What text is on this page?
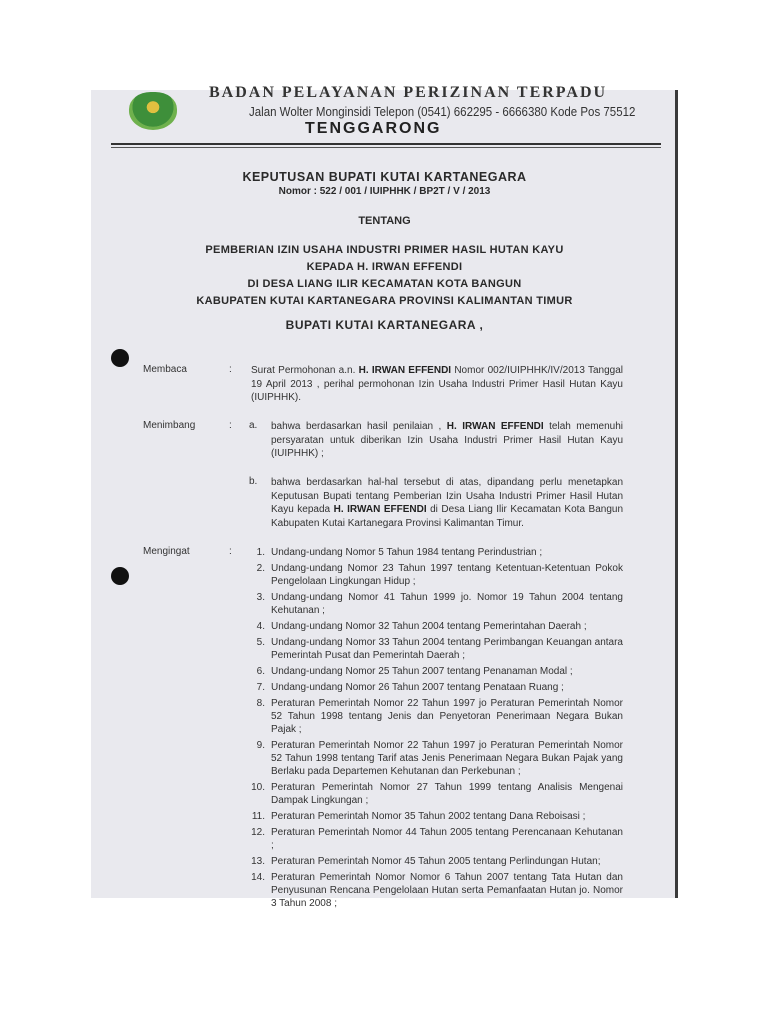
BADAN PELAYANAN PERIZINAN TERPADU
Jalan Wolter Monginsidi Telepon (0541) 662295 - 6666380 Kode Pos 75512
TENGGARONG
KEPUTUSAN BUPATI KUTAI KARTANEGARA
Nomor : 522 / 001 / IUIPHHK / BP2T / V / 2013
TENTANG
PEMBERIAN IZIN USAHA INDUSTRI PRIMER HASIL HUTAN KAYU
KEPADA H. IRWAN EFFENDI
DI DESA LIANG ILIR KECAMATAN KOTA BANGUN
KABUPATEN KUTAI KARTANEGARA PROVINSI KALIMANTAN TIMUR
BUPATI KUTAI KARTANEGARA ,
Membaca	: Surat Permohonan a.n. H. IRWAN EFFENDI Nomor 002/IUIPHHK/IV/2013 Tanggal 19 April 2013 , perihal permohonan Izin Usaha Industri Primer Hasil Hutan Kayu (IUIPHHK).
Menimbang	: a. bahwa berdasarkan hasil penilaian , H. IRWAN EFFENDI telah memenuhi persyaratan untuk diberikan Izin Usaha Industri Primer Hasil Hutan Kayu (IUIPHHK) ;
b. bahwa berdasarkan hal-hal tersebut di atas, dipandang perlu menetapkan Keputusan Bupati tentang Pemberian Izin Usaha Industri Primer Hasil Hutan Kayu kepada H. IRWAN EFFENDI di Desa Liang Ilir Kecamatan Kota Bangun Kabupaten Kutai Kartanegara Provinsi Kalimantan Timur.
Mengingat	:	1. Undang-undang Nomor 5 Tahun 1984 tentang Perindustrian ;
2. Undang-undang Nomor 23 Tahun 1997 tentang Ketentuan-Ketentuan Pokok Pengelolaan Lingkungan Hidup ;
3. Undang-undang Nomor 41 Tahun 1999 jo. Nomor 19 Tahun 2004 tentang Kehutanan ;
4. Undang-undang Nomor 32 Tahun 2004 tentang Pemerintahan Daerah ;
5. Undang-undang Nomor 33 Tahun 2004 tentang Perimbangan Keuangan antara Pemerintah Pusat dan Pemerintah Daerah ;
6. Undang-undang Nomor 25 Tahun 2007 tentang Penanaman Modal ;
7. Undang-undang Nomor 26 Tahun 2007 tentang Penataan Ruang ;
8. Peraturan Pemerintah Nomor 22 Tahun 1997 jo Peraturan Pemerintah Nomor 52 Tahun 1998 tentang Jenis dan Penyetoran Penerimaan Negara Bukan Pajak ;
9. Peraturan Pemerintah Nomor 22 Tahun 1997 jo Peraturan Pemerintah Nomor 52 Tahun 1998 tentang Tarif atas Jenis Penerimaan Negara Bukan Pajak yang Berlaku pada Departemen Kehutanan dan Perkebunan ;
10. Peraturan Pemerintah Nomor 27 Tahun 1999 tentang Analisis Mengenai Dampak Lingkungan ;
11. Peraturan Pemerintah Nomor 35 Tahun 2002 tentang Dana Reboisasi ;
12. Peraturan Pemerintah Nomor 44 Tahun 2005 tentang Perencanaan Kehutanan ;
13. Peraturan Pemerintah Nomor 45 Tahun 2005 tentang Perlindungan Hutan;
14. Peraturan Pemerintah Nomor Nomor 6 Tahun 2007 tentang Tata Hutan dan Penyusunan Rencana Pengelolaan Hutan serta Pemanfaatan Hutan jo. Nomor 3 Tahun 2008 ;
